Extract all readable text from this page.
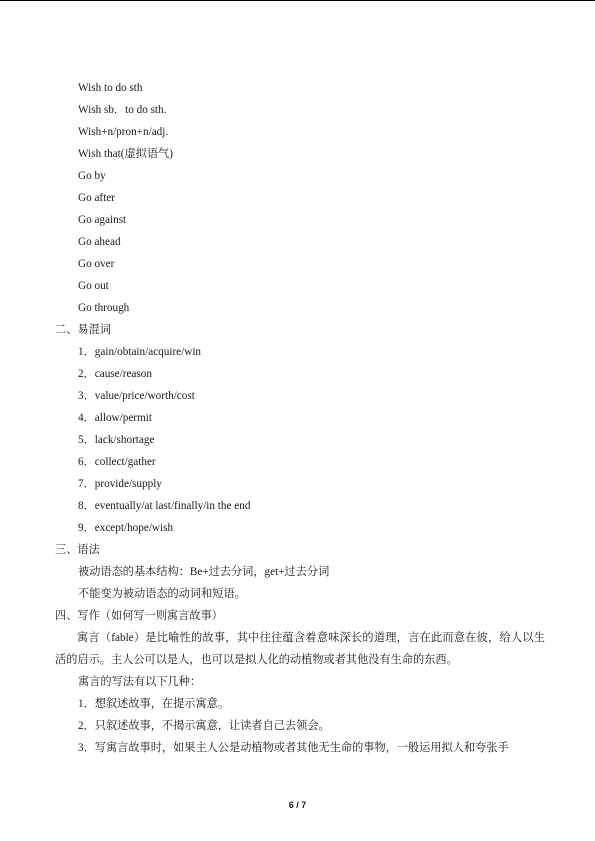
Wish to do sth
Wish sb．to do sth.
Wish+n/pron+n/adj.
Wish that(虚拟语气)
Go by
Go after
Go against
Go ahead
Go over
Go out
Go through
二、易混词
1．gain/obtain/acquire/win
2．cause/reason
3．value/price/worth/cost
4．allow/permit
5．lack/shortage
6．collect/gather
7．provide/supply
8．eventually/at last/finally/in the end
9．except/hope/wish
三、语法
被动语态的基本结构：Be+过去分词，get+过去分词
不能变为被动语态的动词和短语。
四、写作（如何写一则寓言故事）
寓言（fable）是比喻性的故事，其中往往蕴含着意味深长的道理，言在此而意在彼，给人以生活的启示。主人公可以是人，也可以是拟人化的动植物或者其他没有生命的东西。
寓言的写法有以下几种：
1．想叙述故事，在提示寓意。
2．只叙述故事，不揭示寓意，让读者自己去领会。
3．写寓言故事时，如果主人公是动植物或者其他无生命的事物，一般运用拟人和夸张手
6 / 7
